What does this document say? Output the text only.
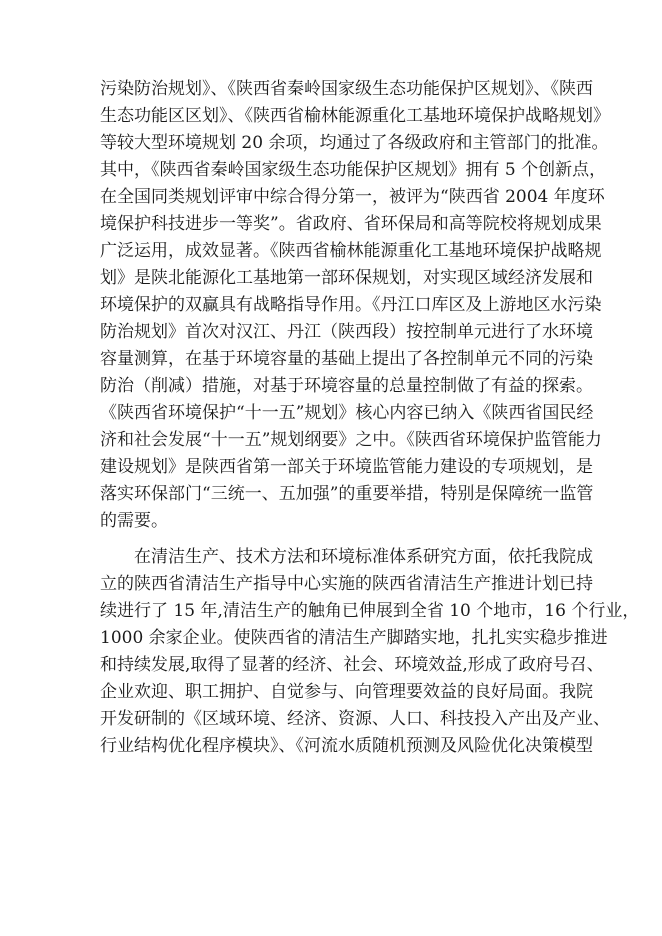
污染防治规划》、《陕西省秦岭国家级生态功能保护区规划》、《陕西
生态功能区区划》、《陕西省榆林能源重化工基地环境保护战略规划》
等较大型环境规划 20 余项，均通过了各级政府和主管部门的批准。
其中，《陕西省秦岭国家级生态功能保护区规划》拥有 5 个创新点，
在全国同类规划评审中综合得分第一，被评为“陕西省 2004 年度环
境保护科技进步一等奖”。省政府、省环保局和高等院校将规划成果
广泛运用，成效显著。《陕西省榆林能源重化工基地环境保护战略规
划》是陕北能源化工基地第一部环保规划，对实现区域经济发展和
环境保护的双赢具有战略指导作用。《丹江口库区及上游地区水污染
防治规划》首次对汉江、丹江（陕西段）按控制单元进行了水环境
容量测算，在基于环境容量的基础上提出了各控制单元不同的污染
防治（削减）措施，对基于环境容量的总量控制做了有益的探索。
《陕西省环境保护“十一五”规划》核心内容已纳入《陕西省国民经
济和社会发展“十一五”规划纲要》之中。《陕西省环境保护监管能力
建设规划》是陕西省第一部关于环境监管能力建设的专项规划，是
落实环保部门“三统一、五加强”的重要举措，特别是保障统一监管
的需要。
在清洁生产、技术方法和环境标准体系研究方面，依托我院成
立的陕西省清洁生产指导中心实施的陕西省清洁生产推进计划已持
续进行了 15 年,清洁生产的触角已伸展到全省 10 个地市，16 个行业，
1000 余家企业。使陕西省的清洁生产脚踏实地，扎扎实实稳步推进
和持续发展,取得了显著的经济、社会、环境效益,形成了政府号召、
企业欢迎、职工拥护、自觉参与、向管理要效益的良好局面。我院
开发研制的《区域环境、经济、资源、人口、科技投入产出及产业、
行业结构优化程序模块》、《河流水质随机预测及风险优化决策模型
